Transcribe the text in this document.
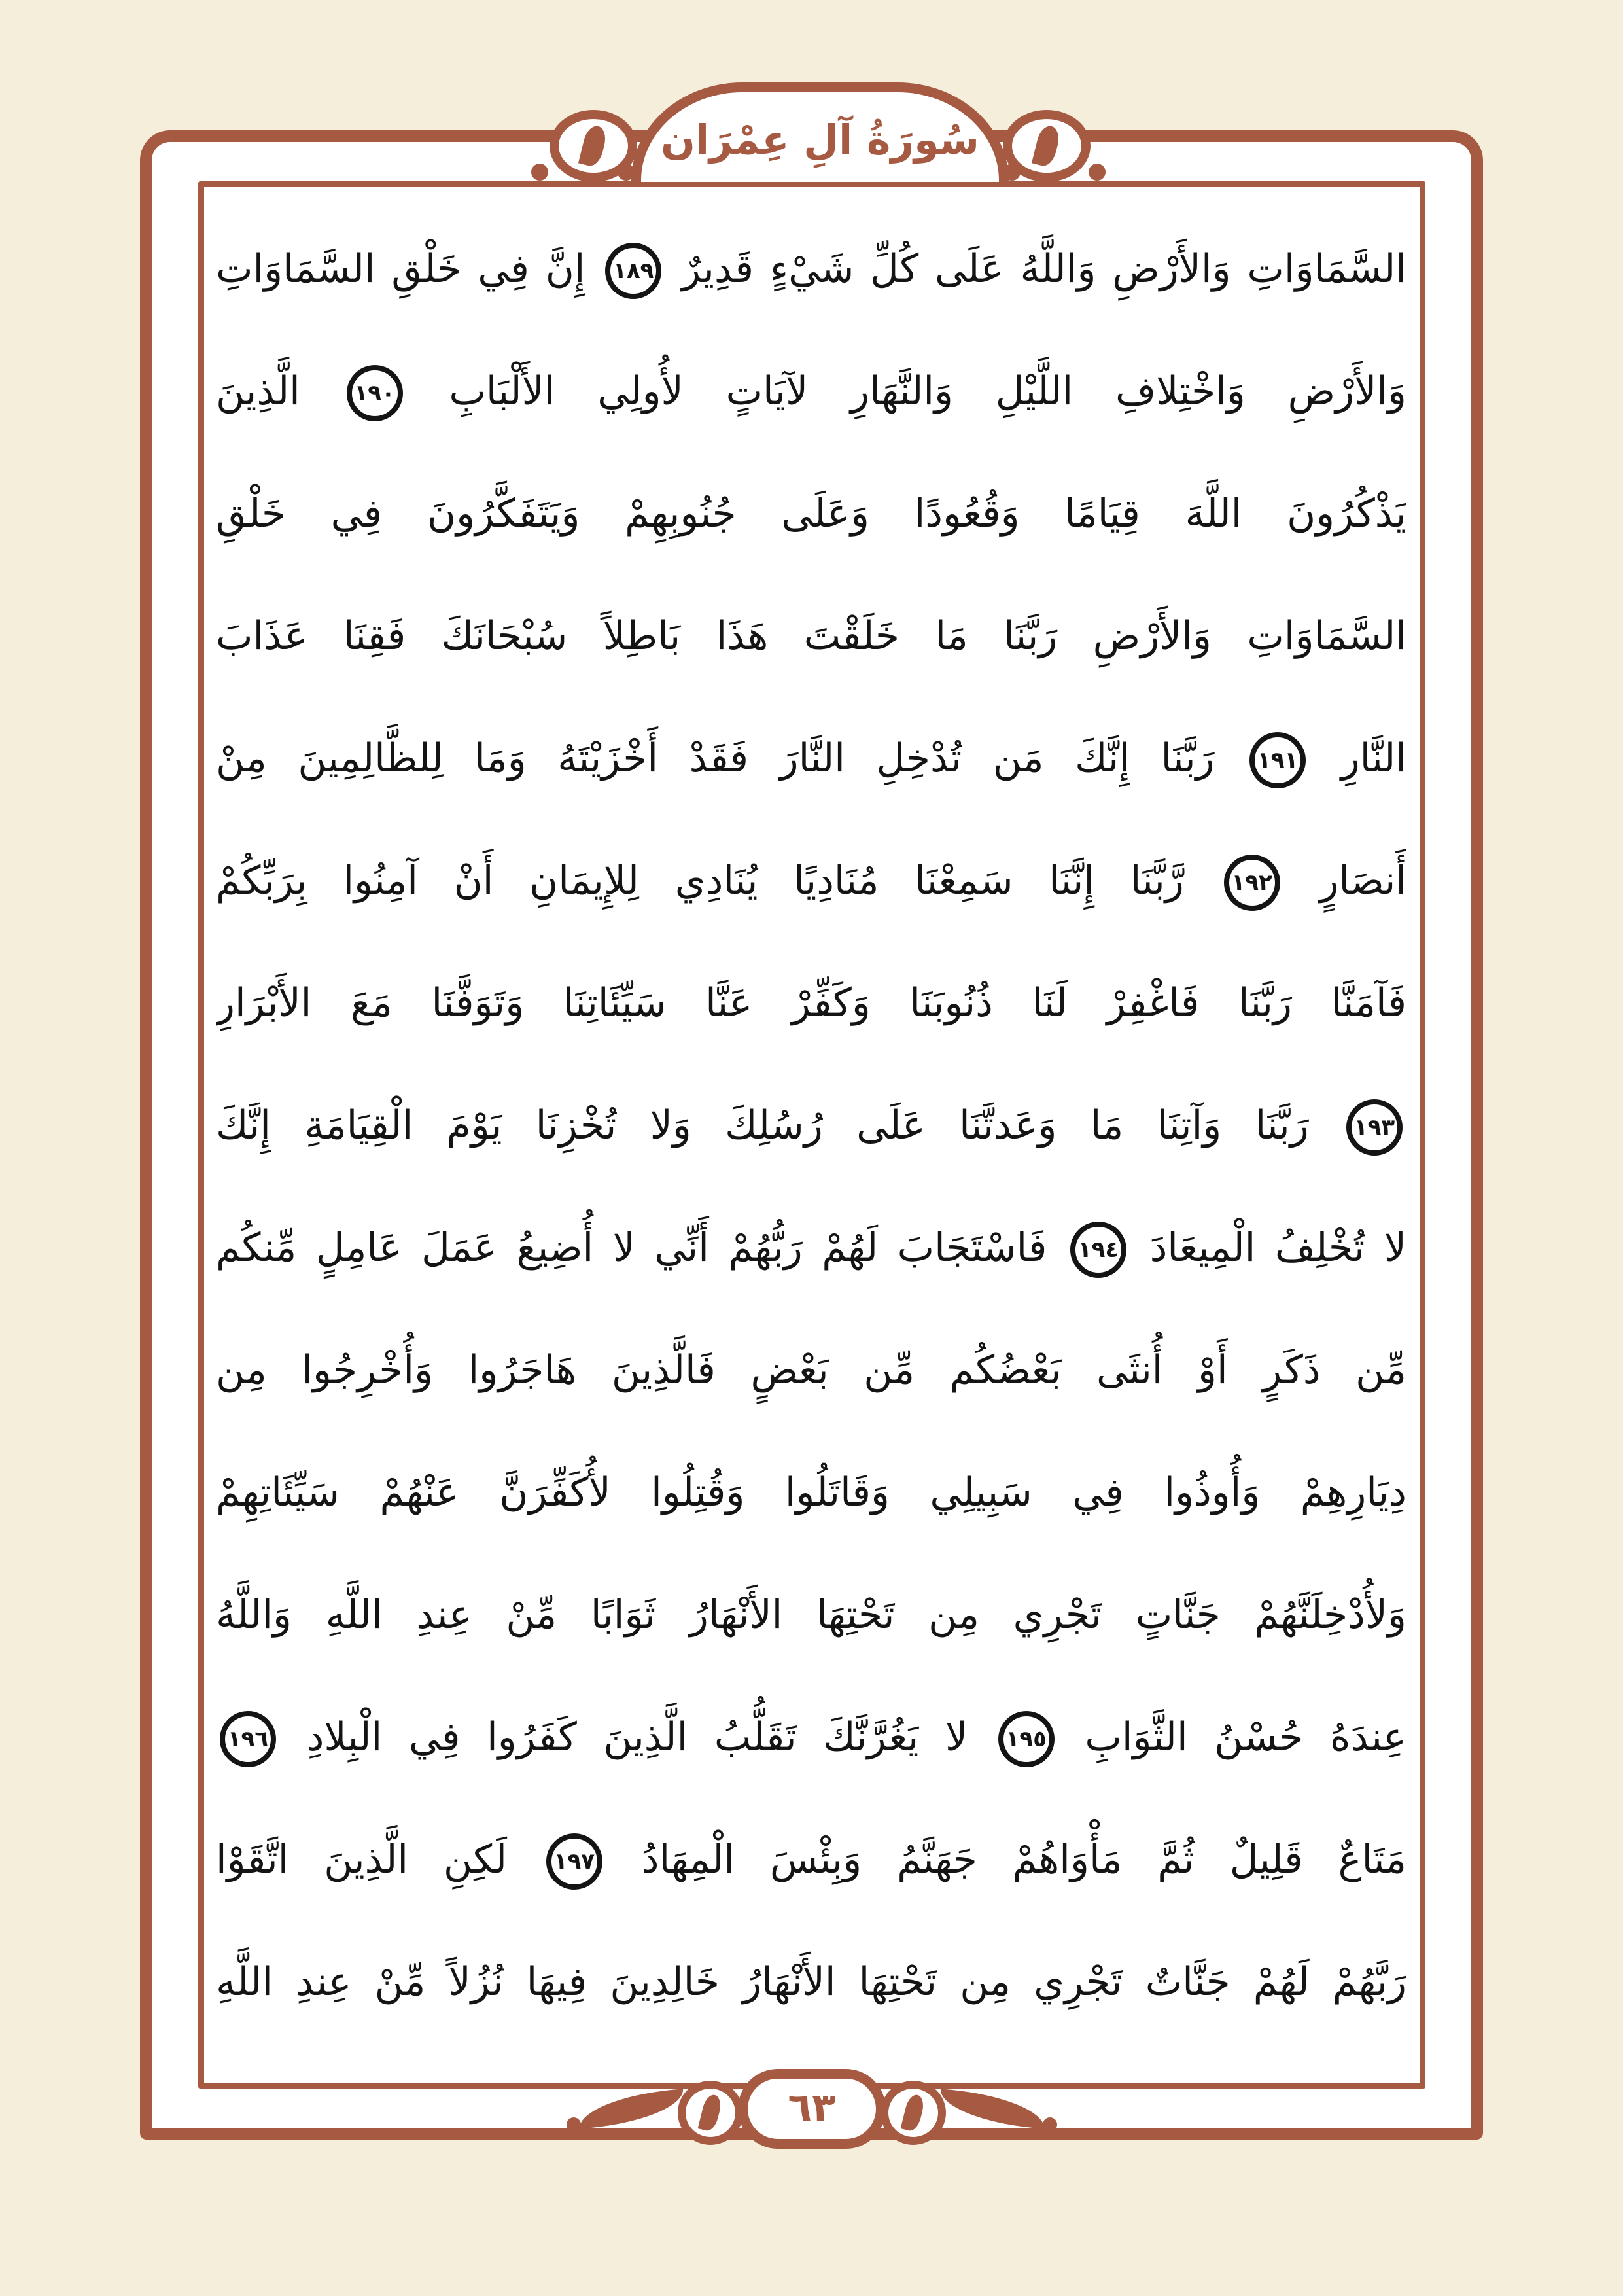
سُورَةُ آلِ عِمْرَان
السَّمَاوَاتِ وَالأَرْضِ وَاللَّهُ عَلَى كُلِّ شَيْءٍ قَدِيرٌ
١٨٩
إِنَّ فِي خَلْقِ السَّمَاوَاتِ
وَالأَرْضِ وَاخْتِلافِ اللَّيْلِ وَالنَّهَارِ لآيَاتٍ لأُولِي الأَلْبَابِ
١٩٠
الَّذِينَ
يَذْكُرُونَ اللَّهَ قِيَامًا وَقُعُودًا وَعَلَى جُنُوبِهِمْ وَيَتَفَكَّرُونَ فِي خَلْقِ
السَّمَاوَاتِ وَالأَرْضِ رَبَّنَا مَا خَلَقْتَ هَذَا بَاطِلاً سُبْحَانَكَ فَقِنَا عَذَابَ
النَّارِ
١٩١
رَبَّنَا إِنَّكَ مَن تُدْخِلِ النَّارَ فَقَدْ أَخْزَيْتَهُ وَمَا لِلظَّالِمِينَ مِنْ
أَنصَارٍ
١٩٢
رَّبَّنَا إِنَّنَا سَمِعْنَا مُنَادِيًا يُنَادِي لِلإِيمَانِ أَنْ آمِنُوا بِرَبِّكُمْ
فَآمَنَّا رَبَّنَا فَاغْفِرْ لَنَا ذُنُوبَنَا وَكَفِّرْ عَنَّا سَيِّئَاتِنَا وَتَوَفَّنَا مَعَ الأَبْرَارِ
١٩٣
رَبَّنَا وَآتِنَا مَا وَعَدتَّنَا عَلَى رُسُلِكَ وَلا تُخْزِنَا يَوْمَ الْقِيَامَةِ إِنَّكَ
لا تُخْلِفُ الْمِيعَادَ
١٩٤
فَاسْتَجَابَ لَهُمْ رَبُّهُمْ أَنِّي لا أُضِيعُ عَمَلَ عَامِلٍ مِّنكُم
مِّن ذَكَرٍ أَوْ أُنثَى بَعْضُكُم مِّن بَعْضٍ فَالَّذِينَ هَاجَرُوا وَأُخْرِجُوا مِن
دِيَارِهِمْ وَأُوذُوا فِي سَبِيلِي وَقَاتَلُوا وَقُتِلُوا لأُكَفِّرَنَّ عَنْهُمْ سَيِّئَاتِهِمْ
وَلأُدْخِلَنَّهُمْ جَنَّاتٍ تَجْرِي مِن تَحْتِهَا الأَنْهَارُ ثَوَابًا مِّنْ عِندِ اللَّهِ وَاللَّهُ
عِندَهُ حُسْنُ الثَّوَابِ
١٩٥
لا يَغُرَّنَّكَ تَقَلُّبُ الَّذِينَ كَفَرُوا فِي الْبِلادِ
١٩٦
مَتَاعٌ قَلِيلٌ ثُمَّ مَأْوَاهُمْ جَهَنَّمُ وَبِئْسَ الْمِهَادُ
١٩٧
لَكِنِ الَّذِينَ اتَّقَوْا
رَبَّهُمْ لَهُمْ جَنَّاتٌ تَجْرِي مِن تَحْتِهَا الأَنْهَارُ خَالِدِينَ فِيهَا نُزُلاً مِّنْ عِندِ اللَّهِ
٦٣
